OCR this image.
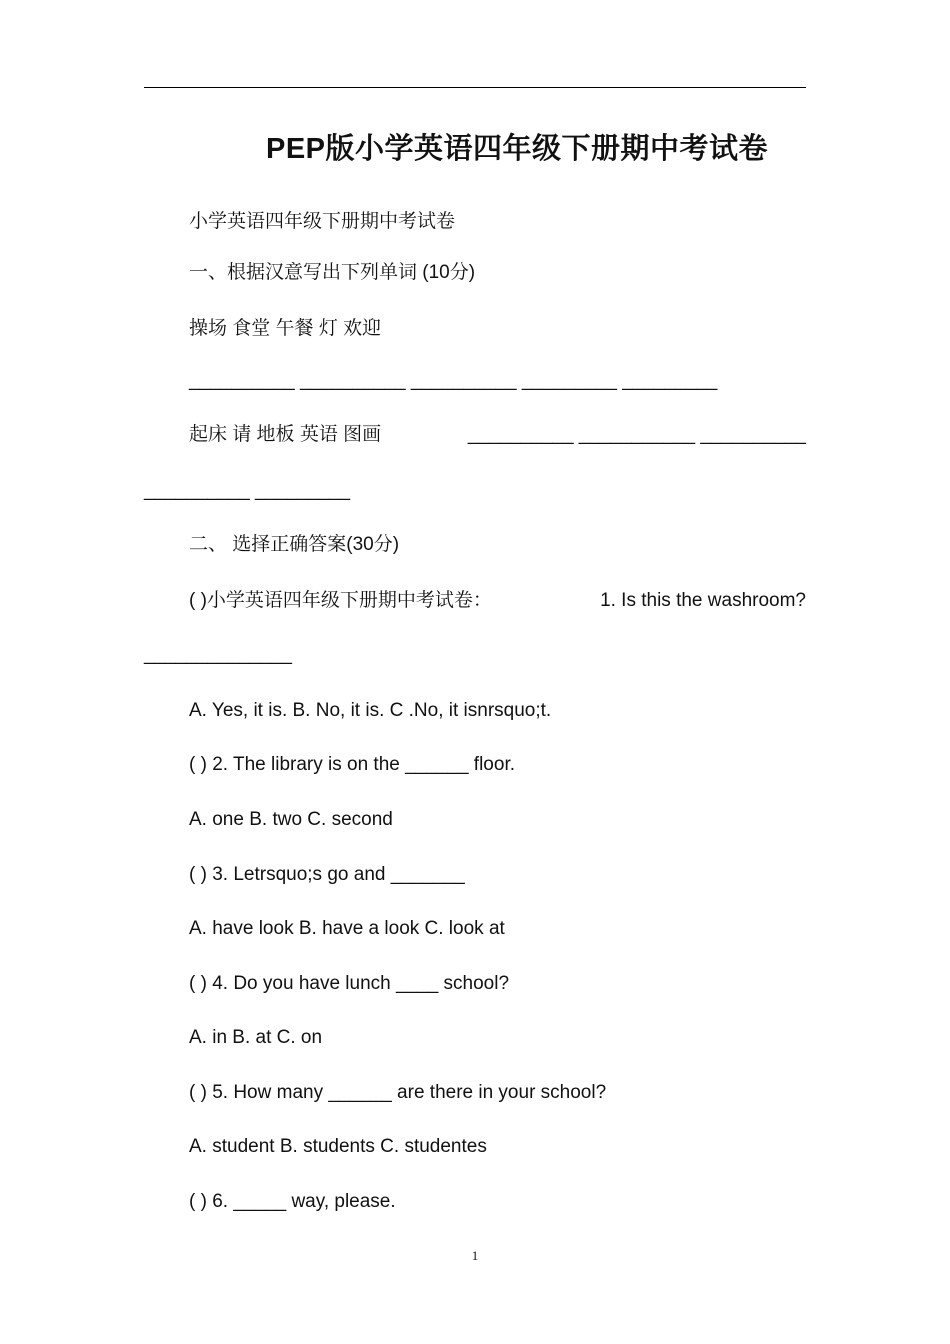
PEP版小学英语四年级下册期中考试卷
小学英语四年级下册期中考试卷
一、根据汉意写出下列单词 (10分)
操场 食堂 午餐 灯 欢迎
__________ __________ __________ _________ _________
起床 请 地板 英语 图画	__________ ___________ __________
__________ _________
二、 选择正确答案(30分)
( )小学英语四年级下册期中考试卷：	1. Is this the washroom?
______________
A. Yes, it is. B. No, it is. C .No, it isnrsquo;t.
( ) 2. The library is on the ______ floor.
A. one B. two C. second
( ) 3. Letrsquo;s go and _______
A. have look B. have a look C. look at
( ) 4. Do you have lunch ____ school?
A. in B. at C. on
( ) 5. How many ______ are there in your school?
A. student B. students C. studentes
( ) 6. _____ way, please.
1
